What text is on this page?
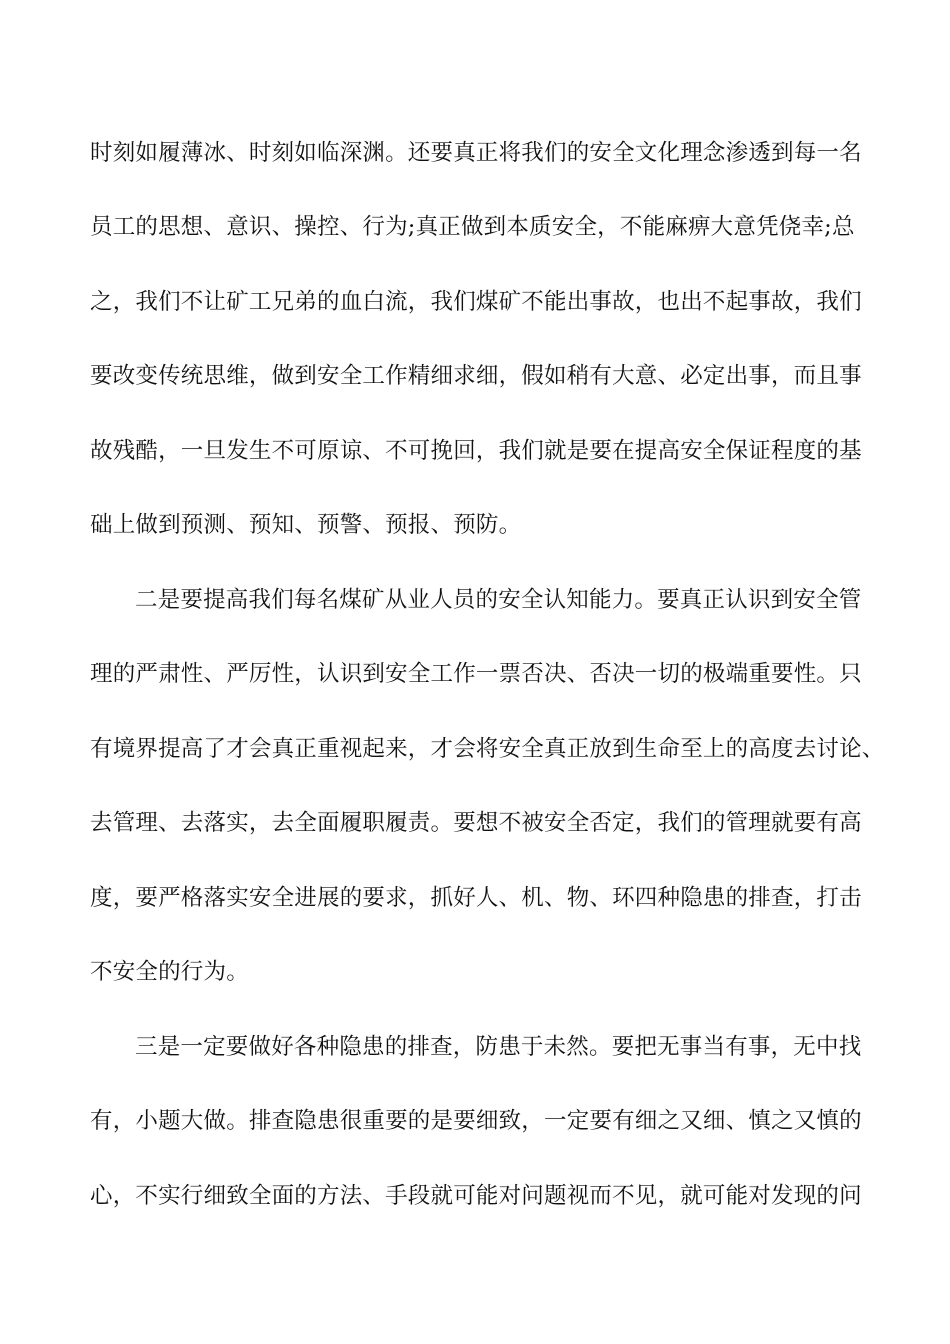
时刻如履薄冰、时刻如临深渊。还要真正将我们的安全文化理念渗透到每一名
员工的思想、意识、操控、行为;真正做到本质安全，不能麻痹大意凭侥幸;总
之，我们不让矿工兄弟的血白流，我们煤矿不能出事故，也出不起事故，我们
要改变传统思维，做到安全工作精细求细，假如稍有大意、必定出事，而且事
故残酷，一旦发生不可原谅、不可挽回，我们就是要在提高安全保证程度的基
础上做到预测、预知、预警、预报、预防。
二是要提高我们每名煤矿从业人员的安全认知能力。要真正认识到安全管
理的严肃性、严厉性，认识到安全工作一票否决、否决一切的极端重要性。只
有境界提高了才会真正重视起来，才会将安全真正放到生命至上的高度去讨论、
去管理、去落实，去全面履职履责。要想不被安全否定，我们的管理就要有高
度，要严格落实安全进展的要求，抓好人、机、物、环四种隐患的排查，打击
不安全的行为。
三是一定要做好各种隐患的排查，防患于未然。要把无事当有事，无中找
有，小题大做。排查隐患很重要的是要细致，一定要有细之又细、慎之又慎的
心，不实行细致全面的方法、手段就可能对问题视而不见，就可能对发现的问
